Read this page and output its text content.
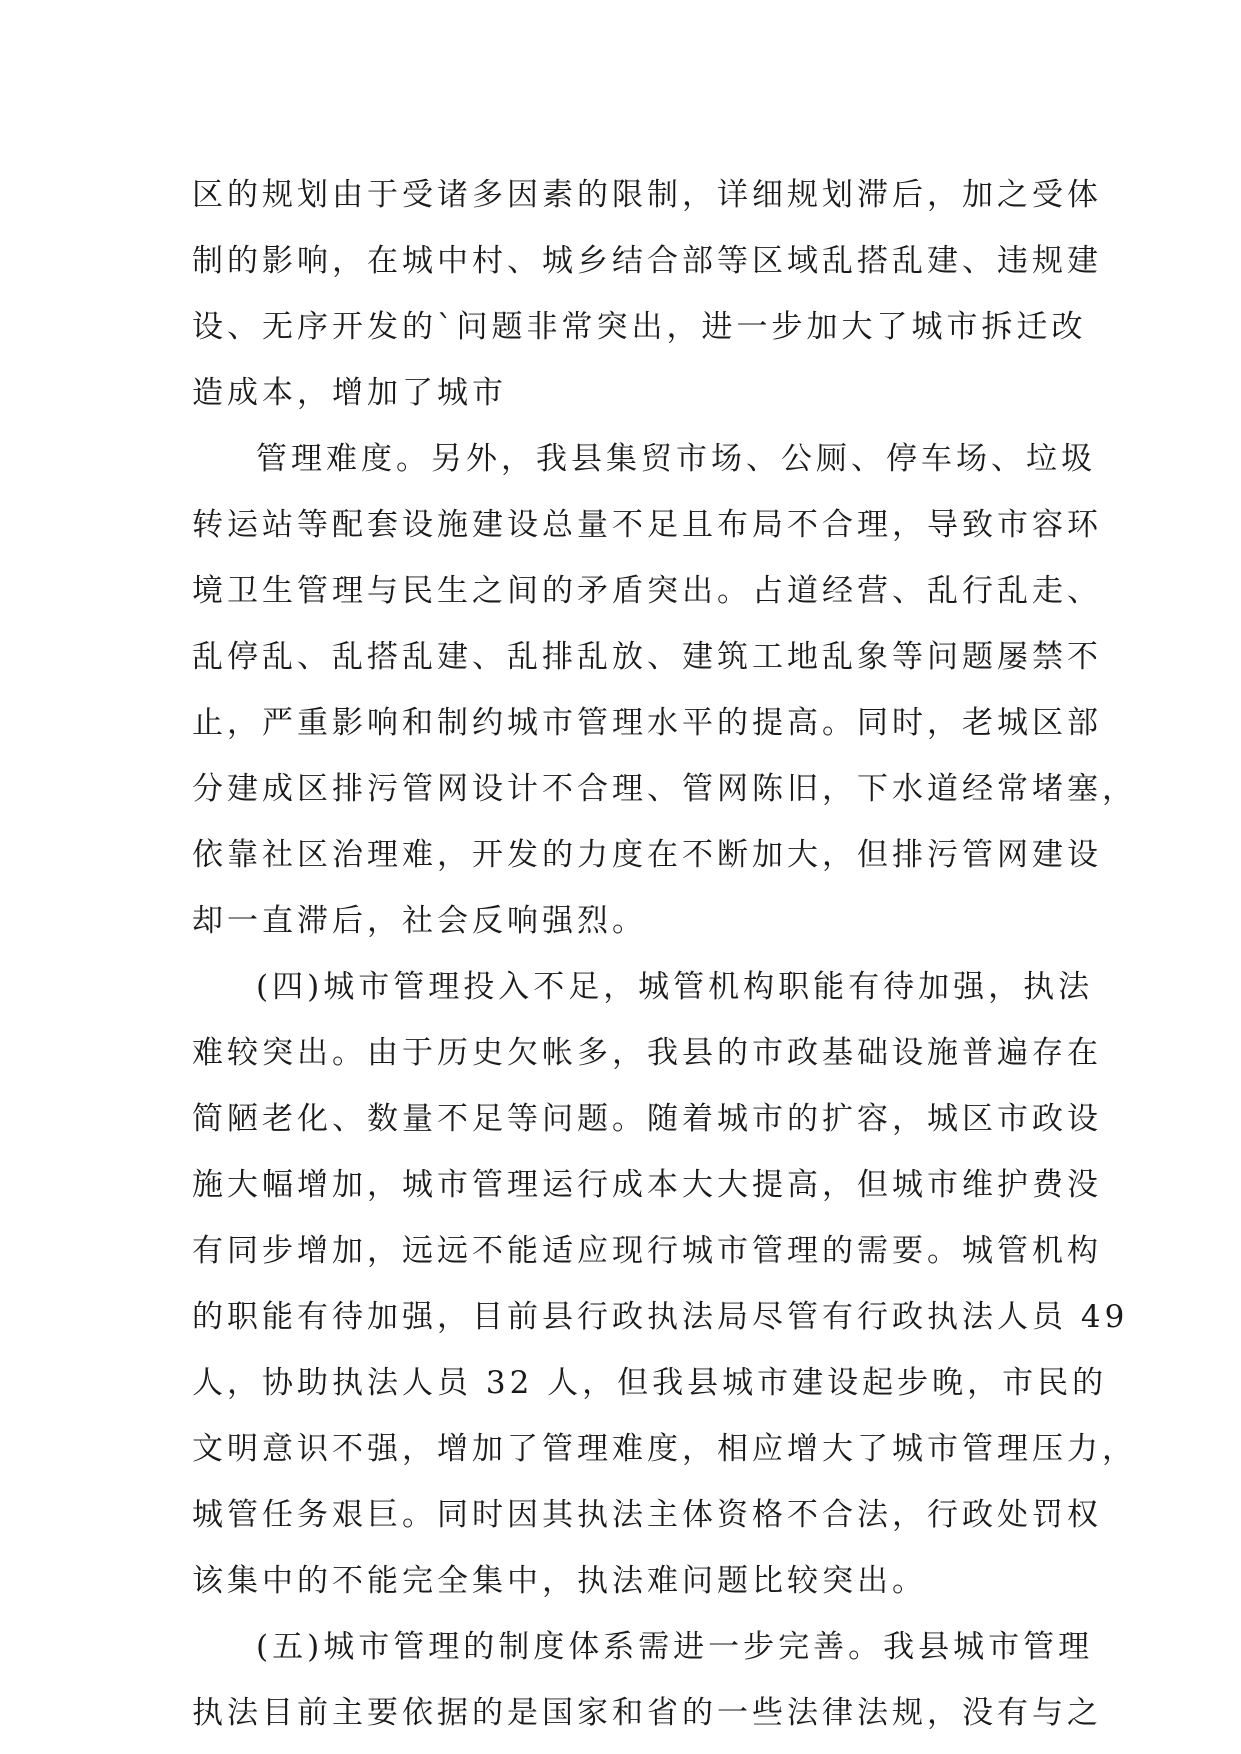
区的规划由于受诸多因素的限制，详细规划滞后，加之受体
制的影响，在城中村、城乡结合部等区域乱搭乱建、违规建
设、无序开发的`问题非常突出，进一步加大了城市拆迁改
造成本，增加了城市
管理难度。另外，我县集贸市场、公厕、停车场、垃圾
转运站等配套设施建设总量不足且布局不合理，导致市容环
境卫生管理与民生之间的矛盾突出。占道经营、乱行乱走、
乱停乱、乱搭乱建、乱排乱放、建筑工地乱象等问题屡禁不
止，严重影响和制约城市管理水平的提高。同时，老城区部
分建成区排污管网设计不合理、管网陈旧，下水道经常堵塞，
依靠社区治理难，开发的力度在不断加大，但排污管网建设
却一直滞后，社会反响强烈。
(四)城市管理投入不足，城管机构职能有待加强，执法
难较突出。由于历史欠帐多，我县的市政基础设施普遍存在
简陋老化、数量不足等问题。随着城市的扩容，城区市政设
施大幅增加，城市管理运行成本大大提高，但城市维护费没
有同步增加，远远不能适应现行城市管理的需要。城管机构
的职能有待加强，目前县行政执法局尽管有行政执法人员 49
人，协助执法人员 32 人，但我县城市建设起步晚，市民的
文明意识不强，增加了管理难度，相应增大了城市管理压力，
城管任务艰巨。同时因其执法主体资格不合法，行政处罚权
该集中的不能完全集中，执法难问题比较突出。
(五)城市管理的制度体系需进一步完善。我县城市管理
执法目前主要依据的是国家和省的一些法律法规，没有与之
